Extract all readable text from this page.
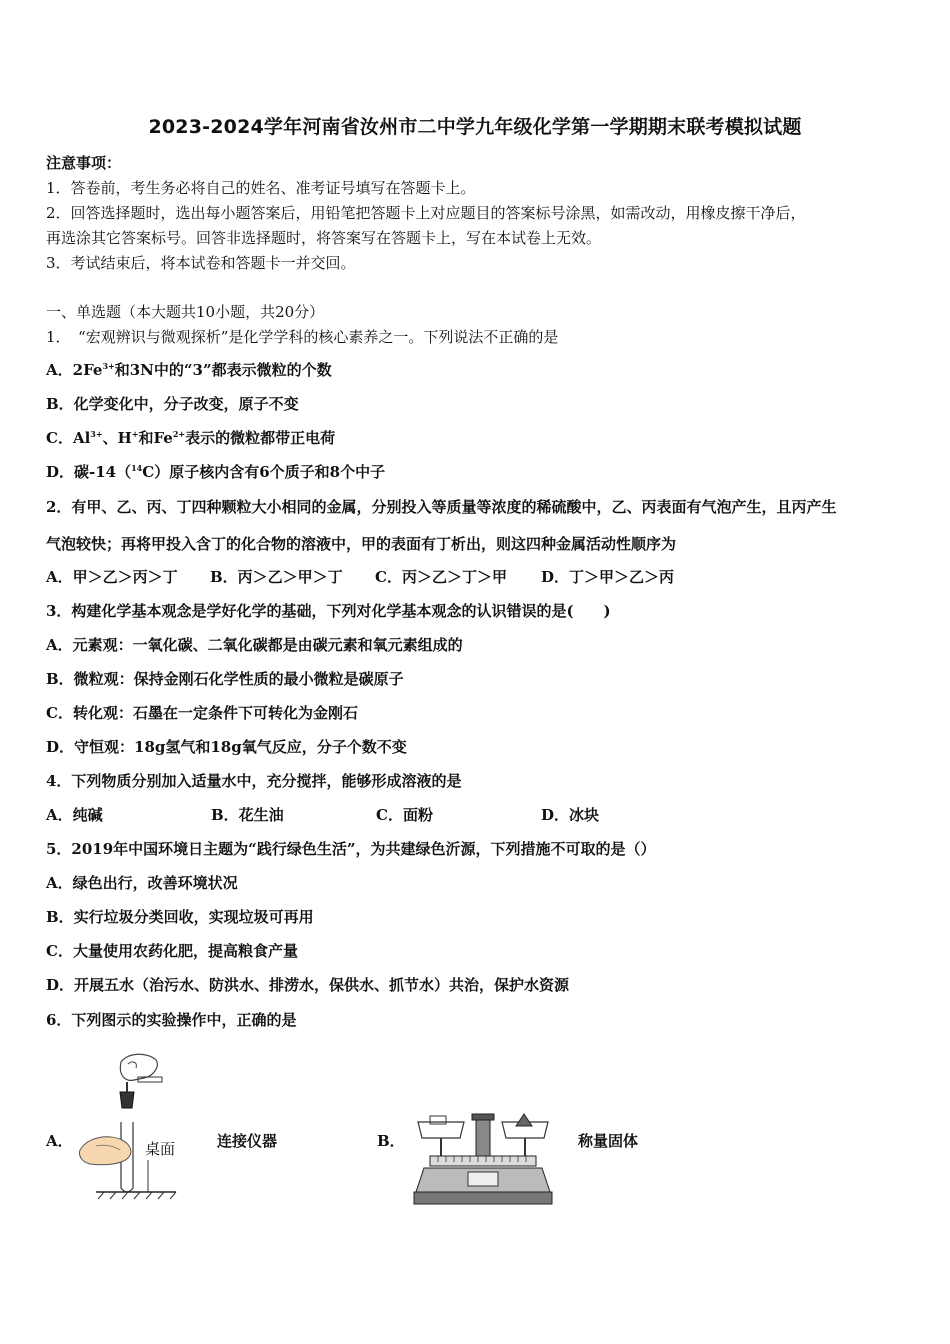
2023-2024学年河南省汝州市二中学九年级化学第一学期期末联考模拟试题
注意事项：
1．答卷前，考生务必将自己的姓名、准考证号填写在答题卡上。
2．回答选择题时，选出每小题答案后，用铅笔把答题卡上对应题目的答案标号涂黑，如需改动，用橡皮擦干净后，
再选涂其它答案标号。回答非选择题时，将答案写在答题卡上，写在本试卷上无效。
3．考试结束后，将本试卷和答题卡一并交回。
一、单选题（本大题共10小题，共20分）
1．　“宏观辨识与微观探析”是化学学科的核心素养之一。下列说法不正确的是
A．$2Fe^{3+}$和3N中的“3”都表示微粒的个数
B．化学变化中，分子改变，原子不变
C．$Al^{3+}$、H+和$Fe^{2+}$表示的微粒都带正电荷
D．碳-14（$^{14}$C）原子核内含有6个质子和8个中子
2．有甲、乙、丙、丁四种颗粒大小相同的金属，分别投入等质量等浓度的稀硫酸中，乙、丙表面有气泡产生，且丙产生
气泡较快；再将甲投入含丁的化合物的溶液中，甲的表面有丁析出，则这四种金属活动性顺序为
A．甲＞乙＞丙＞丁 B．丙＞乙＞甲＞丁 C．丙＞乙＞丁＞甲 D．丁＞甲＞乙＞丙
3．构建化学基本观念是学好化学的基础，下列对化学基本观念的认识错误的是(　　)
A．元素观：一氧化碳、二氧化碳都是由碳元素和氧元素组成的
B．微粒观：保持金刚石化学性质的最小微粒是碳原子
C．转化观：石墨在一定条件下可转化为金刚石
D．守恒观：18g氢气和18g氧气反应，分子个数不变
4．下列物质分别加入适量水中，充分搅拌，能够形成溶液的是
A．纯碱	B．花生油	C．面粉	D．冰块
5．2019年中国环境日主题为“践行绿色生活”，为共建绿色沂源，下列措施不可取的是（）
A．绿色出行，改善环境状况
B．实行垃圾分类回收，实现垃圾可再用
C．大量使用农药化肥，提高粮食产量
D．开展五水（治污水、防洪水、排涝水，保供水、抓节水）共治，保护水资源
6．下列图示的实验操作中，正确的是
A．	桌面	连接仪器	B．	称量固体
